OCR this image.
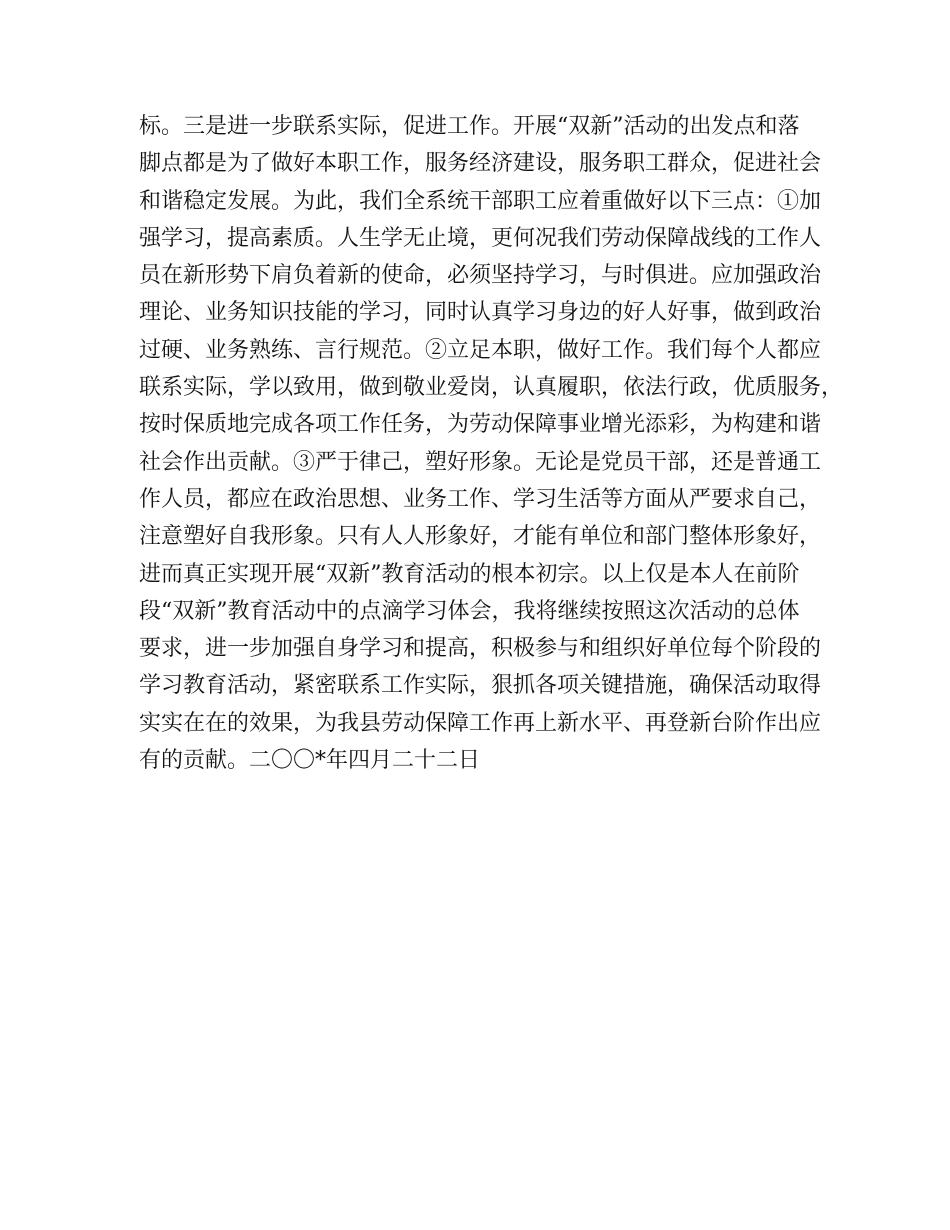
标。三是进一步联系实际，促进工作。开展“双新”活动的出发点和落
脚点都是为了做好本职工作，服务经济建设，服务职工群众，促进社会
和谐稳定发展。为此，我们全系统干部职工应着重做好以下三点：①加
强学习，提高素质。人生学无止境，更何况我们劳动保障战线的工作人
员在新形势下肩负着新的使命，必须坚持学习，与时俱进。应加强政治
理论、业务知识技能的学习，同时认真学习身边的好人好事，做到政治
过硬、业务熟练、言行规范。②立足本职，做好工作。我们每个人都应
联系实际，学以致用，做到敬业爱岗，认真履职，依法行政，优质服务，
按时保质地完成各项工作任务，为劳动保障事业增光添彩，为构建和谐
社会作出贡献。③严于律己，塑好形象。无论是党员干部，还是普通工
作人员，都应在政治思想、业务工作、学习生活等方面从严要求自己，
注意塑好自我形象。只有人人形象好，才能有单位和部门整体形象好，
进而真正实现开展“双新”教育活动的根本初宗。以上仅是本人在前阶
段“双新”教育活动中的点滴学习体会，我将继续按照这次活动的总体
要求，进一步加强自身学习和提高，积极参与和组织好单位每个阶段的
学习教育活动，紧密联系工作实际，狠抓各项关键措施，确保活动取得
实实在在的效果，为我县劳动保障工作再上新水平、再登新台阶作出应
有的贡献。二〇〇*年四月二十二日
